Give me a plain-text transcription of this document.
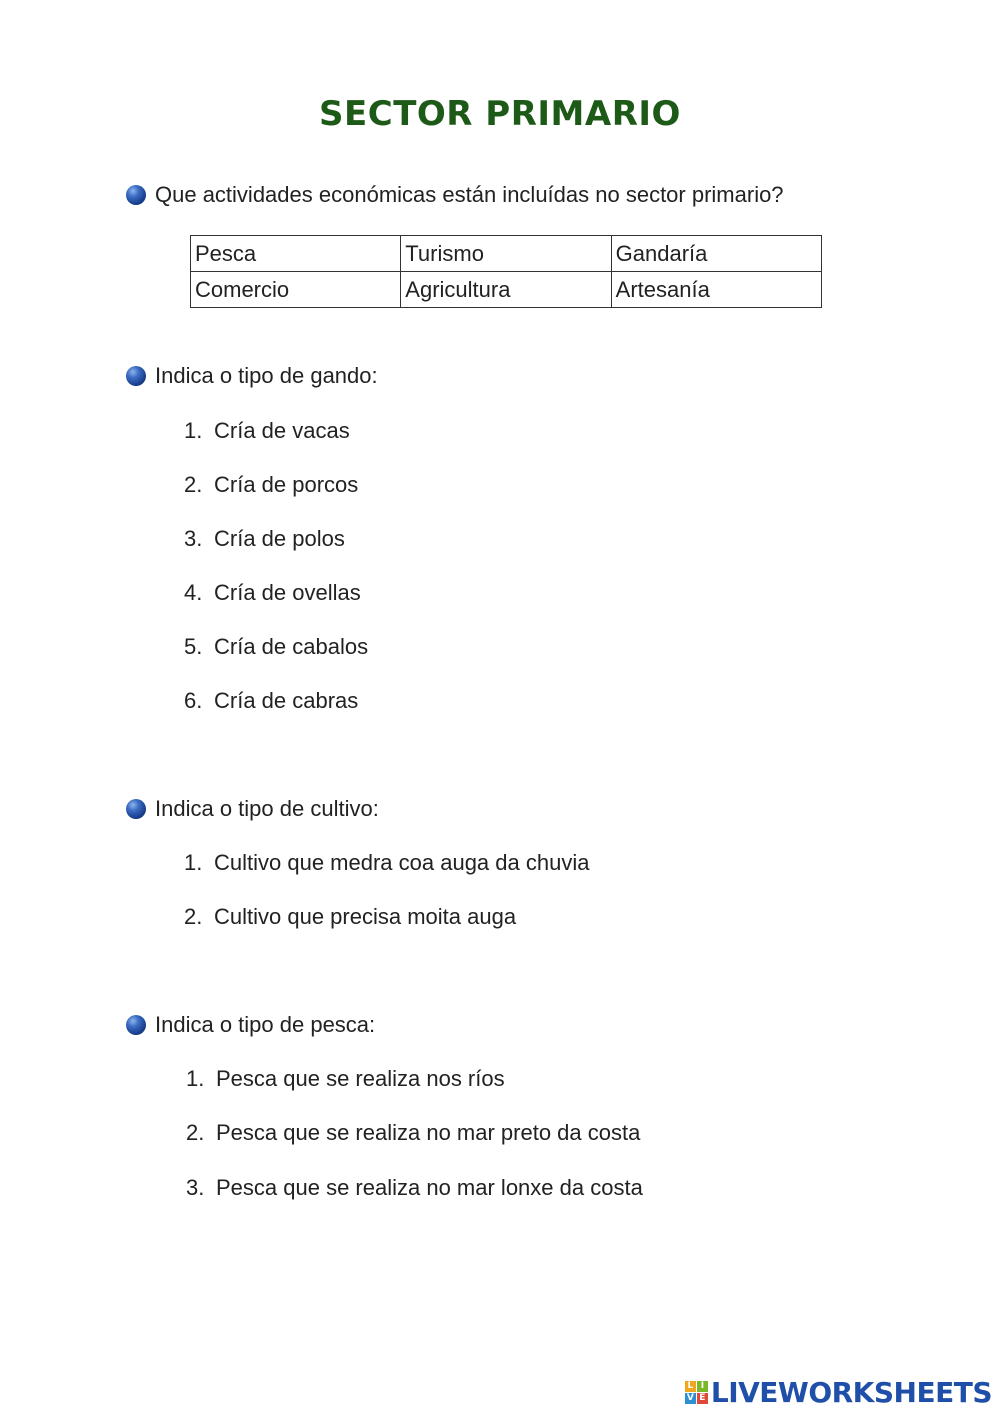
SECTOR PRIMARIO
Que actividades económicas están incluídas no sector primario?
Pesca	Turismo	Gandaría
Comercio	Agricultura	Artesanía
Indica o tipo de gando:
1. Cría de vacas
2. Cría de porcos
3. Cría de polos
4. Cría de ovellas
5. Cría de cabalos
6. Cría de cabras
Indica o tipo de cultivo:
1. Cultivo que medra coa auga da chuvia
2. Cultivo que precisa moita auga
Indica o tipo de pesca:
1. Pesca que se realiza nos ríos
2. Pesca que se realiza no mar preto da costa
3. Pesca que se realiza no mar lonxe da costa
L I
V E LIVEWORKSHEETS
